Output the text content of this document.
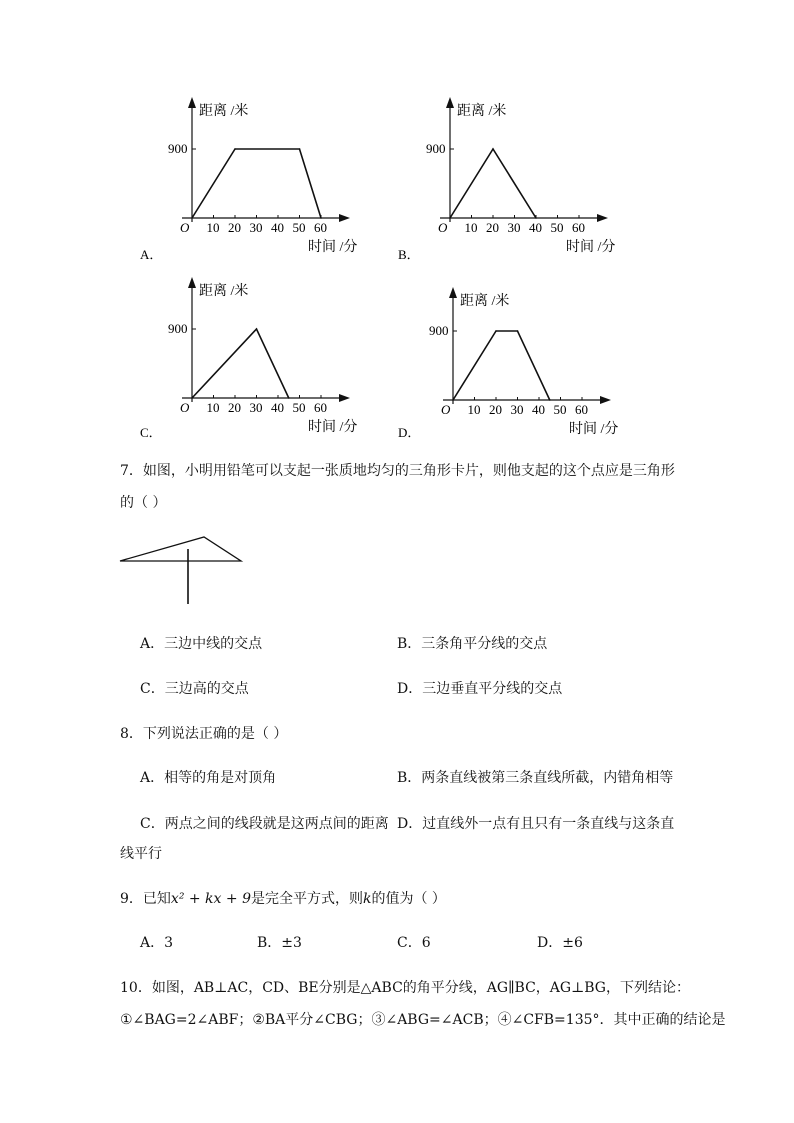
距离 /米
时间 /分
O
900
10 20 30 40 50 60
A．
距离 /米
时间 /分
O
900
10 20 30 40 50 60
B．
距离 /米
时间 /分
O
900
10 20 30 40 50 60
C．
距离 /米
时间 /分
O
900
10 20 30 40 50 60
D．
7．如图，小明用铅笔可以支起一张质地均匀的三角形卡片，则他支起的这个点应是三角形
的（ ）
A．三边中线的交点	B．三条角平分线的交点
C．三边高的交点	D．三边垂直平分线的交点
8．下列说法正确的是（ ）
A．相等的角是对顶角	B．两条直线被第三条直线所截，内错角相等
C．两点之间的线段就是这两点间的距离 D．过直线外一点有且只有一条直线与这条直
线平行
9．已知x² + kx + 9是完全平方式，则k的值为（ ）
A．3	B．±3	C．6	D．±6
10．如图，AB⊥AC，CD、BE分别是△ABC的角平分线，AG∥BC，AG⊥BG，下列结论：
①∠BAG=2∠ABF；②BA平分∠CBG；③∠ABG=∠ACB；④∠CFB=135°．其中正确的结论是
